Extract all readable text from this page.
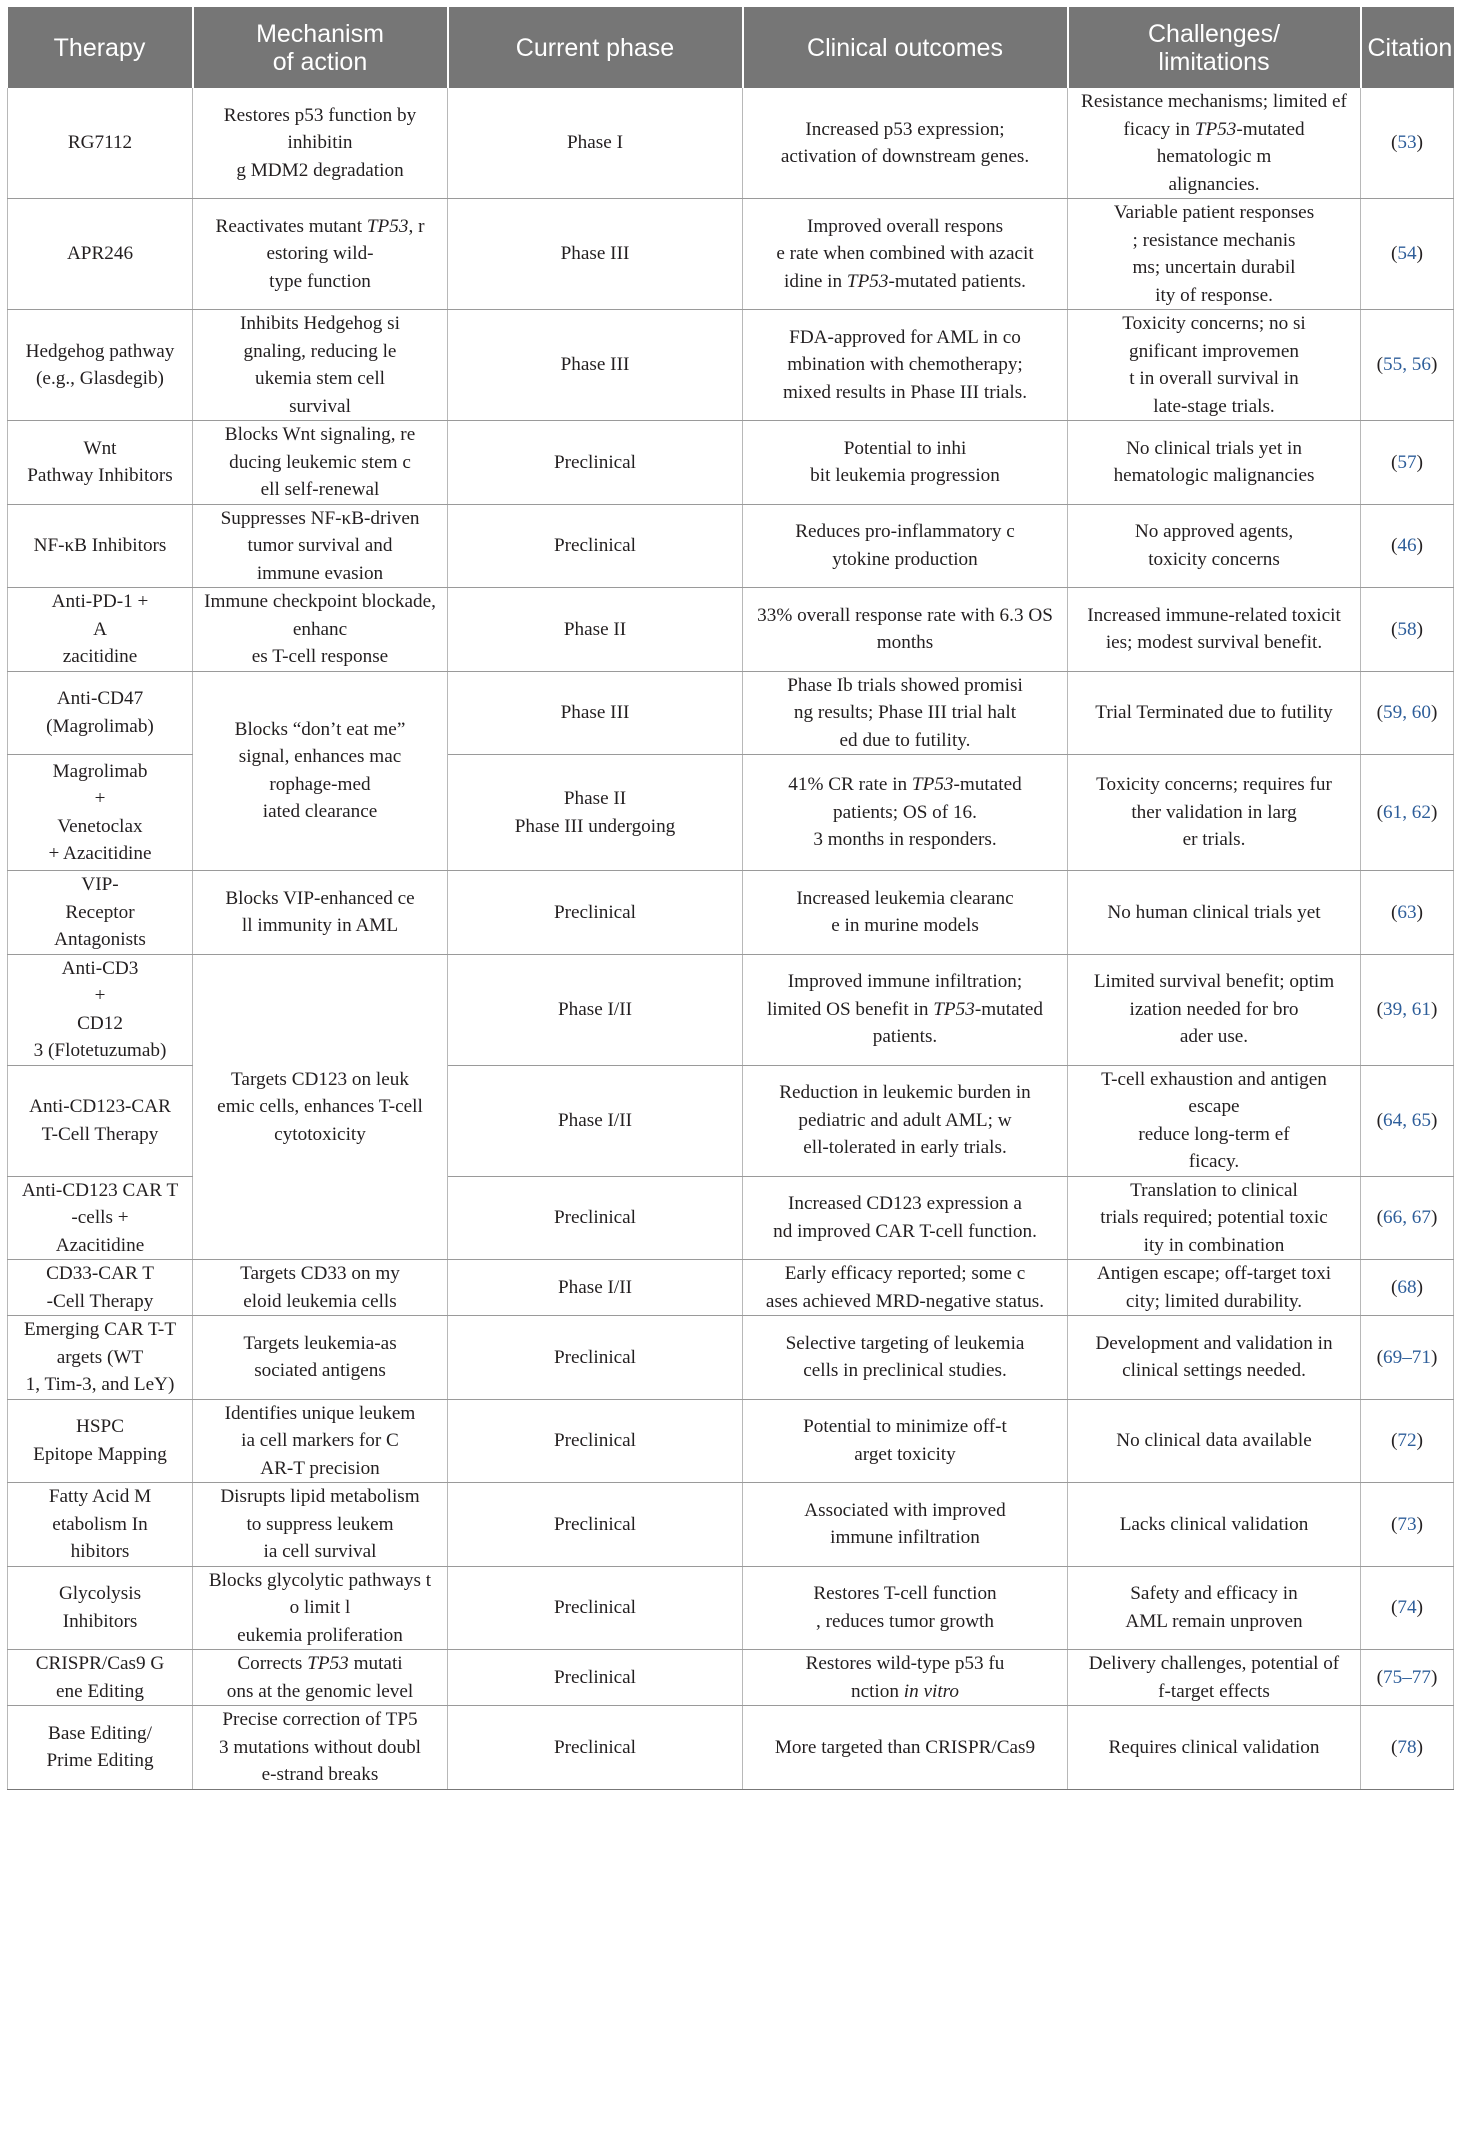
Therapy	Mechanism
of action	Current phase	Clinical outcomes	Challenges/
limitations	Citation

RG7112	Restores p53 function by
inhibitin
g MDM2 degradation	Phase I	Increased p53 expression;
activation of downstream genes.	Resistance mechanisms; limited ef
ficacy in TP53-mutated hematologic m
alignancies.	(53)

APR246	Reactivates mutant TP53, r
estoring wild-
type function	Phase III	Improved overall respons
e rate when combined with azacit
idine in TP53-mutated patients.	Variable patient responses
; resistance mechanis
ms; uncertain durabil
ity of response.	(54)

Hedgehog pathway
(e.g., Glasdegib)	Inhibits Hedgehog si
gnaling, reducing le
ukemia stem cell
survival	Phase III	FDA-approved for AML in co
mbination with chemotherapy;
mixed results in Phase III trials.	Toxicity concerns; no si
gnificant improvemen
t in overall survival in
late-stage trials.	(55, 56)

Wnt
Pathway Inhibitors	Blocks Wnt signaling, re
ducing leukemic stem c
ell self-renewal	Preclinical	Potential to inhi
bit leukemia progression	No clinical trials yet in
hematologic malignancies	(57)

NF-κB Inhibitors	Suppresses NF-κB-driven
tumor survival and
immune evasion	Preclinical	Reduces pro-inflammatory c
ytokine production	No approved agents,
toxicity concerns	(46)

Anti-PD-1 +
A
zacitidine	Immune checkpoint blockade, enhanc
es T-cell response	Phase II	33% overall response rate with 6.3 OS
months	Increased immune-related toxicit
ies; modest survival benefit.	(58)

Anti-CD47
(Magrolimab)	Blocks “don’t eat me”
signal, enhances mac
rophage-med
iated clearance	Phase III	Phase Ib trials showed promisi
ng results; Phase III trial halt
ed due to futility.	Trial Terminated due to futility	(59, 60)

Magrolimab
+
Venetoclax
+ Azacitidine		Phase II
Phase III undergoing	41% CR rate in TP53-mutated
patients; OS of 16.
3 months in responders.	Toxicity concerns; requires fur
ther validation in larg
er trials.	(61, 62)

VIP-
Receptor
Antagonists	Blocks VIP-enhanced ce
ll immunity in AML	Preclinical	Increased leukemia clearanc
e in murine models	No human clinical trials yet	(63)

Anti-CD3
+
CD12
3 (Flotetuzumab)	Targets CD123 on leuk
emic cells, enhances T-cell
cytotoxicity	Phase I/II	Improved immune infiltration;
limited OS benefit in TP53-mutated
patients.	Limited survival benefit; optim
ization needed for bro
ader use.	(39, 61)

Anti-CD123-CAR
T-Cell Therapy		Phase I/II	Reduction in leukemic burden in
pediatric and adult AML; w
ell-tolerated in early trials.	T-cell exhaustion and antigen escape
reduce long-term ef
ficacy.	(64, 65)

Anti-CD123 CAR T
-cells +
Azacitidine		Preclinical	Increased CD123 expression a
nd improved CAR T-cell function.	Translation to clinical
trials required; potential toxic
ity in combination	(66, 67)

CD33-CAR T
-Cell Therapy	Targets CD33 on my
eloid leukemia cells	Phase I/II	Early efficacy reported; some c
ases achieved MRD-negative status.	Antigen escape; off-target toxi
city; limited durability.	(68)

Emerging CAR T-T
argets (WT
1, Tim-3, and LeY)	Targets leukemia-as
sociated antigens	Preclinical	Selective targeting of leukemia
cells in preclinical studies.	Development and validation in
clinical settings needed.	(69–71)

HSPC
Epitope Mapping	Identifies unique leukem
ia cell markers for C
AR-T precision	Preclinical	Potential to minimize off-t
arget toxicity	No clinical data available	(72)

Fatty Acid M
etabolism In
hibitors	Disrupts lipid metabolism
to suppress leukem
ia cell survival	Preclinical	Associated with improved
immune infiltration	Lacks clinical validation	(73)

Glycolysis
Inhibitors	Blocks glycolytic pathways t
o limit l
eukemia proliferation	Preclinical	Restores T-cell function
, reduces tumor growth	Safety and efficacy in
AML remain unproven	(74)

CRISPR/Cas9 G
ene Editing	Corrects TP53 mutati
ons at the genomic level	Preclinical	Restores wild-type p53 fu
nction in vitro	Delivery challenges, potential of
f-target effects	(75–77)

Base Editing/
Prime Editing	Precise correction of TP5
3 mutations without doubl
e-strand breaks	Preclinical	More targeted than CRISPR/Cas9	Requires clinical validation	(78)
